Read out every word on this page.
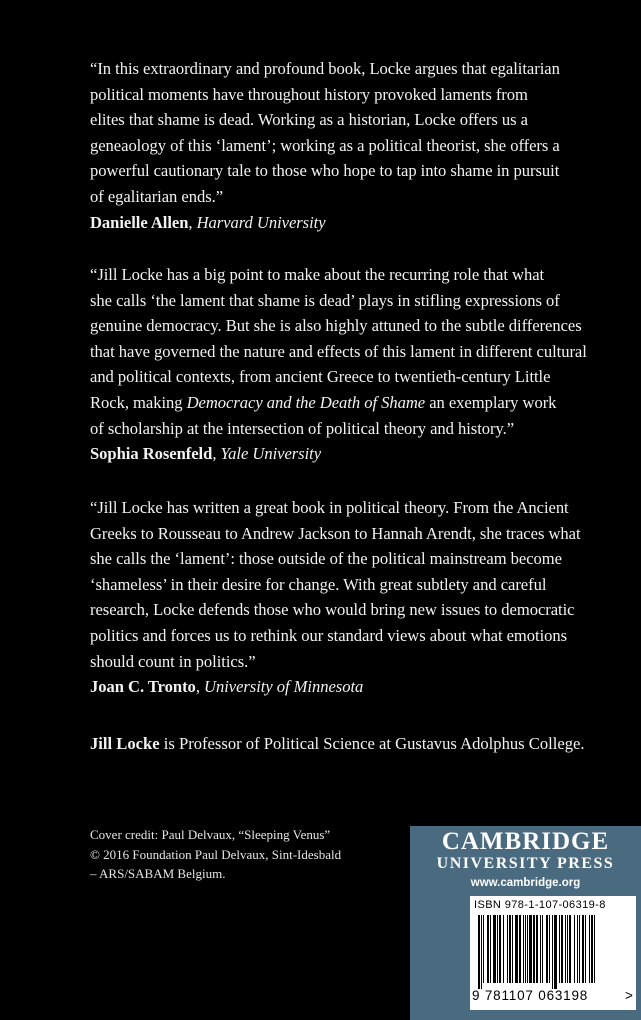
“In this extraordinary and profound book, Locke argues that egalitarian

political moments have throughout history provoked laments from

elites that shame is dead. Working as a historian, Locke offers us a

geneaology of this ‘lament’; working as a political theorist, she offers a

powerful cautionary tale to those who hope to tap into shame in pursuit

of egalitarian ends.”

Danielle Allen, Harvard University

“Jill Locke has a big point to make about the recurring role that what

she calls ‘the lament that shame is dead’ plays in stifling expressions of

genuine democracy. But she is also highly attuned to the subtle differences

that have governed the nature and effects of this lament in different cultural

and political contexts, from ancient Greece to twentieth-century Little

Rock, making Democracy and the Death of Shame an exemplary work

of scholarship at the intersection of political theory and history.”

Sophia Rosenfeld, Yale University

“Jill Locke has written a great book in political theory. From the Ancient

Greeks to Rousseau to Andrew Jackson to Hannah Arendt, she traces what

she calls the ‘lament’: those outside of the political mainstream become

‘shameless’ in their desire for change. With great subtlety and careful

research, Locke defends those who would bring new issues to democratic

politics and forces us to rethink our standard views about what emotions

should count in politics.”

Joan C. Tronto, University of Minnesota

Jill Locke is Professor of Political Science at Gustavus Adolphus College.

Cover credit: Paul Delvaux, “Sleeping Venus”

© 2016 Foundation Paul Delvaux, Sint-Idesbald

– ARS/SABAM Belgium.

CAMBRIDGE
UNIVERSITY PRESS
www.cambridge.org
ISBN 978-1-107-06319-8
9 781107 063198	>
